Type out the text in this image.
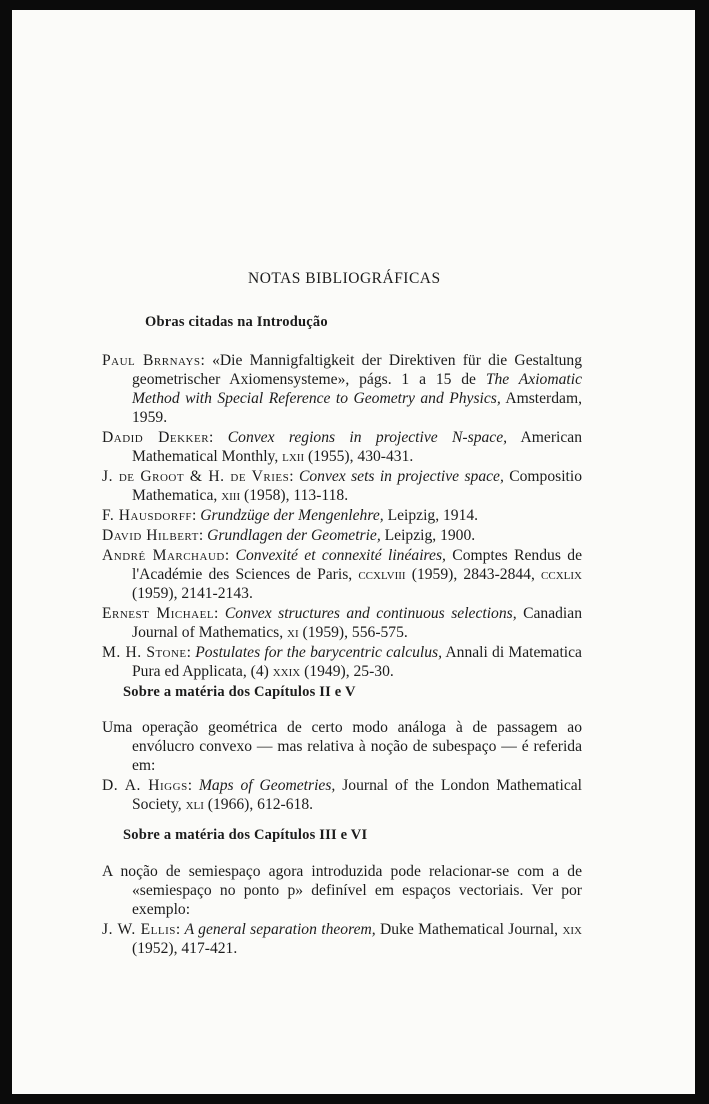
NOTAS BIBLIOGRÁFICAS
Obras citadas na Introdução

Paul Brrnays: «Die Mannigfaltigkeit der Direktiven für die Gestaltung geometrischer Axiomensysteme», págs. 1 a 15 de The Axiomatic Method with Special Reference to Geometry and Physics, Amsterdam, 1959.

Dadid Dekker: Convex regions in projective N-space, American Mathematical Monthly, lxii (1955), 430-431.

J. de Groot & H. de Vries: Convex sets in projective space, Compositio Mathematica, xiii (1958), 113-118.

F. Hausdorff: Grundzüge der Mengenlehre, Leipzig, 1914.

David Hilbert: Grundlagen der Geometrie, Leipzig, 1900.

André Marchaud: Convexité et connexité linéaires, Comptes Rendus de l'Académie des Sciences de Paris, ccxlviii (1959), 2843-2844, ccxlix (1959), 2141-2143.

Ernest Michael: Convex structures and continuous selections, Canadian Journal of Mathematics, xi (1959), 556-575.

M. H. Stone: Postulates for the barycentric calculus, Annali di Matematica Pura ed Applicata, (4) xxix (1949), 25-30.

Sobre a matéria dos Capítulos II e V

Uma operação geométrica de certo modo análoga à de passagem ao envólucro convexo — mas relativa à noção de subespaço — é referida em:

D. A. Higgs: Maps of Geometries, Journal of the London Mathematical Society, xli (1966), 612-618.

Sobre a matéria dos Capítulos III e VI

A noção de semiespaço agora introduzida pode relacionar-se com a de «semiespaço no ponto p» definível em espaços vectoriais. Ver por exemplo:

J. W. Ellis: A general separation theorem, Duke Mathematical Journal, xix (1952), 417-421.
